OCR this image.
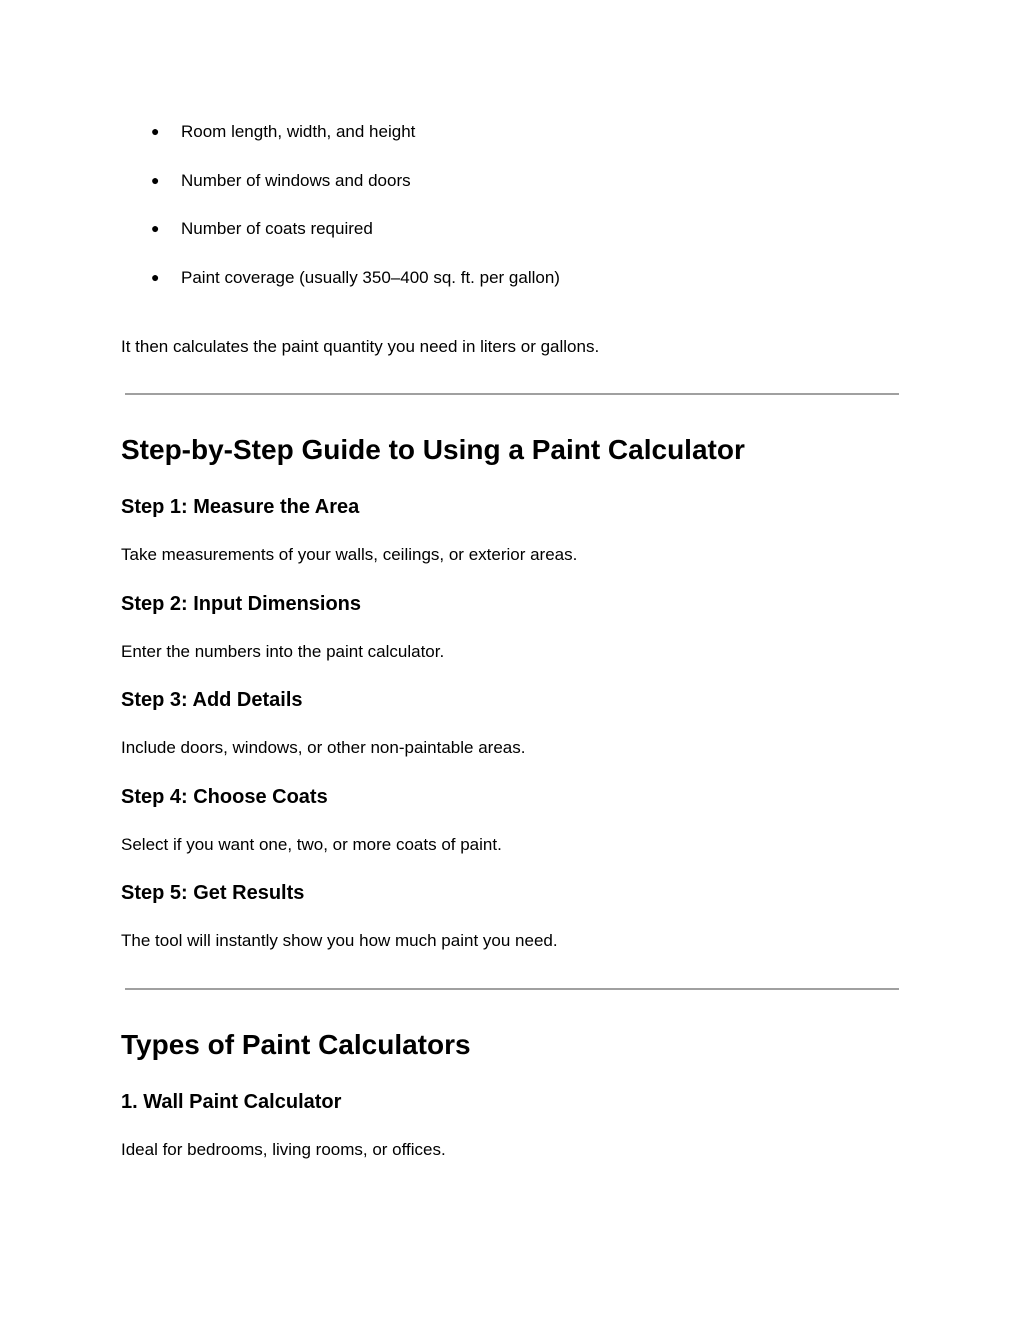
● Room length, width, and height
● Number of windows and doors
● Number of coats required
● Paint coverage (usually 350–400 sq. ft. per gallon)
It then calculates the paint quantity you need in liters or gallons.
Step-by-Step Guide to Using a Paint Calculator
Step 1: Measure the Area
Take measurements of your walls, ceilings, or exterior areas.
Step 2: Input Dimensions
Enter the numbers into the paint calculator.
Step 3: Add Details
Include doors, windows, or other non-paintable areas.
Step 4: Choose Coats
Select if you want one, two, or more coats of paint.
Step 5: Get Results
The tool will instantly show you how much paint you need.
Types of Paint Calculators
1. Wall Paint Calculator
Ideal for bedrooms, living rooms, or offices.
